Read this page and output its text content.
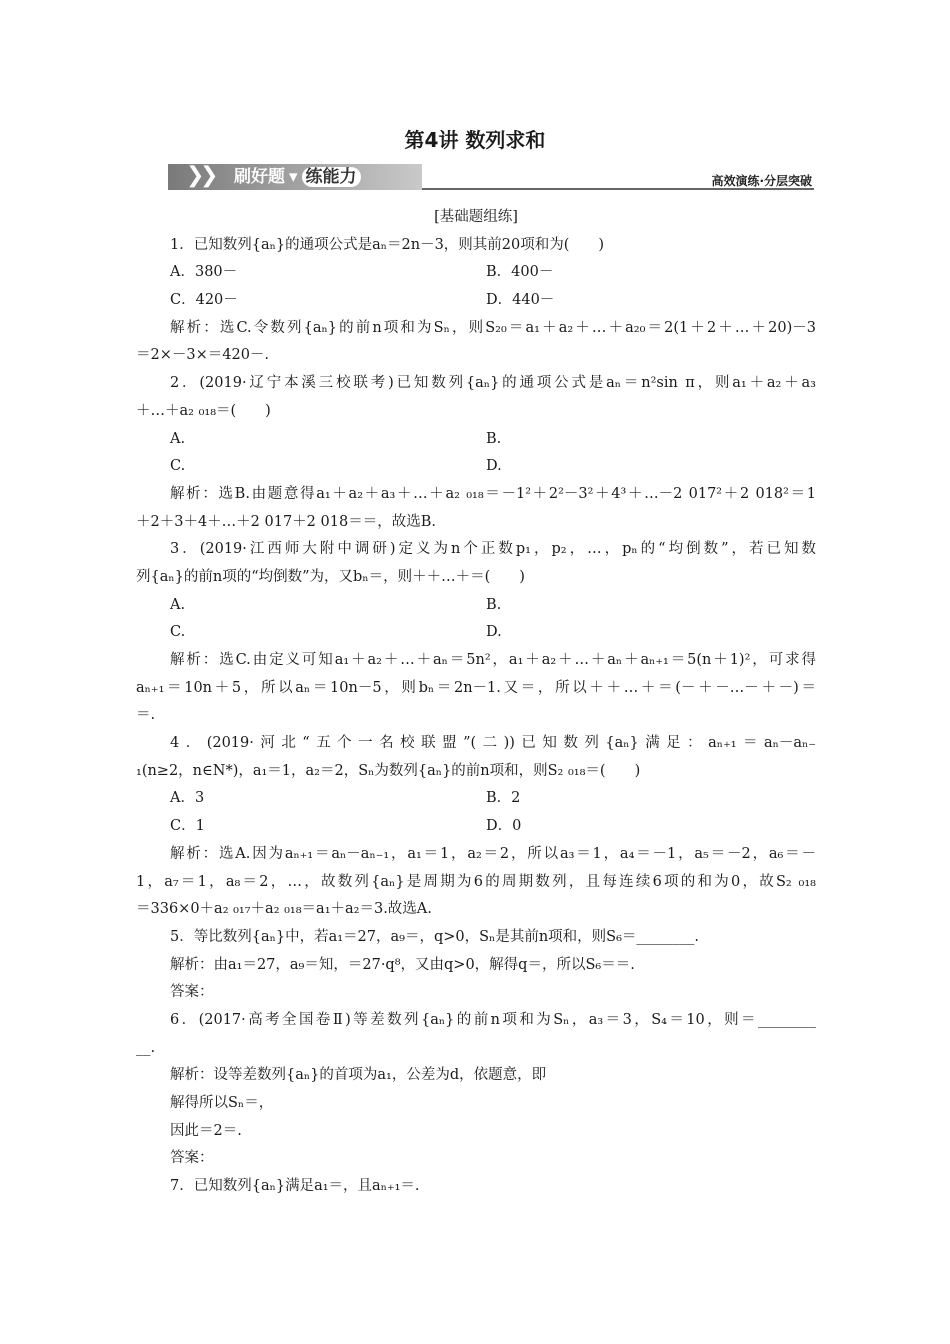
第4讲 数列求和
❯
❯ 刷好题 ▾ 练能力	高效演练·分层突破
[基础题组练]
1．已知数列{aₙ}的通项公式是aₙ＝2n－3，则其前20项和为(　　)
A．380－	B．400－
C．420－	D．440－
解析：选C.令数列{aₙ}的前n项和为Sₙ，则S₂₀＝a₁＋a₂＋…＋a₂₀＝2(1＋2＋…＋20)－3
＝2×－3×＝420－.
2．(2019·辽宁本溪三校联考)已知数列{aₙ}的通项公式是aₙ＝n²sin π，则a₁＋a₂＋a₃
＋…＋a₂ ₀₁₈＝(　　)
A.	B.
C.	D.
解析：选B.由题意得a₁＋a₂＋a₃＋…＋a₂ ₀₁₈＝－1²＋2²－3²＋4³＋…－2 017²＋2 018²＝1
＋2＋3＋4＋…＋2 017＋2 018＝＝，故选B.
3．(2019·江西师大附中调研)定义为n个正数p₁，p₂，…，pₙ的“均倒数”，若已知数
列{aₙ}的前n项的“均倒数”为，又bₙ＝，则＋＋…＋＝(　　)
A.	B.
C.	D.
解析：选C.由定义可知a₁＋a₂＋…＋aₙ＝5n²，a₁＋a₂＋…＋aₙ＋aₙ₊₁＝5(n＋1)²，可求得
aₙ₊₁＝10n＋5，所以aₙ＝10n－5，则bₙ＝2n－1.又＝，所以＋＋…＋＝(－＋－…－＋－)＝
＝.
4．(2019·河北“五个一名校联盟”(二))已知数列{aₙ}满足：aₙ₊₁＝aₙ－aₙ₋
₁(n≥2，n∈N*)，a₁＝1，a₂＝2，Sₙ为数列{aₙ}的前n项和，则S₂ ₀₁₈＝(　　)
A．3	B．2
C．1	D．0
解析：选A.因为aₙ₊₁＝aₙ－aₙ₋₁，a₁＝1，a₂＝2，所以a₃＝1，a₄＝－1，a₅＝－2，a₆＝－
1，a₇＝1，a₈＝2，…，故数列{aₙ}是周期为6的周期数列，且每连续6项的和为0，故S₂ ₀₁₈
＝336×0＋a₂ ₀₁₇＋a₂ ₀₁₈＝a₁＋a₂＝3.故选A.
5．等比数列{aₙ}中，若a₁＝27，a₉＝，q>0，Sₙ是其前n项和，则S₆＝________.
解析：由a₁＝27，a₉＝知，＝27·q⁸，又由q>0，解得q＝，所以S₆＝＝.
答案：
6．(2017·高考全国卷Ⅱ)等差数列{aₙ}的前n项和为Sₙ，a₃＝3，S₄＝10，则＝________
__.
解析：设等差数列{aₙ}的首项为a₁，公差为d，依题意，即
解得所以Sₙ＝，
因此＝2＝.
答案：
7．已知数列{aₙ}满足a₁＝，且aₙ₊₁＝.
